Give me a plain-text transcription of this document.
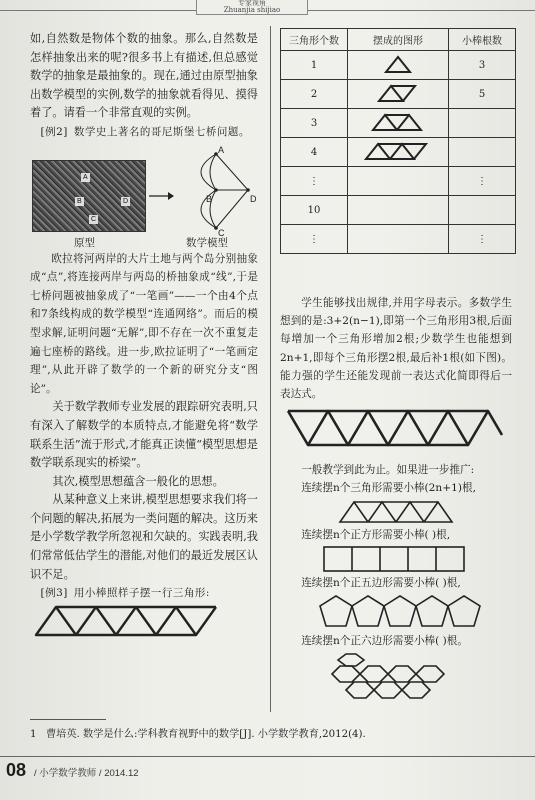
专家视角
Zhuanjia shijiao

如,自然数是物体个数的抽象。那么,自然数是怎样抽象出来的呢?很多书上有描述,但总感觉数学的抽象是最抽象的。现在,通过由原型抽象出数学模型的实例,数学的抽象就看得见、摸得着了。请看一个非常直观的实例。

[例2] 数学史上著名的哥尼斯堡七桥问题。

A
B
C
D
A
B
C
D
原型	数学模型

欧拉将河两岸的大片土地与两个岛分别抽象成“点”,将连接两岸与两岛的桥抽象成“线”,于是七桥问题被抽象成了“一笔画”——一个由4个点和7条线构成的数学模型“连通网络”。而后的模型求解,证明问题“无解”,即不存在一次不重复走遍七座桥的路线。进一步,欧拉证明了“一笔画定理”,从此开辟了数学的一个新的研究分支“图论”。

关于数学教师专业发展的跟踪研究表明,只有深入了解数学的本质特点,才能避免将“数学联系生活”流于形式,才能真正读懂“模型思想是数学联系现实的桥梁”。

其次,模型思想蕴含一般化的思想。

从某种意义上来讲,模型思想要求我们将一个问题的解决,拓展为一类问题的解决。这历来是小学数学教学所忽视和欠缺的。实践表明,我们常常低估学生的潜能,对他们的最近发展区认识不足。

[例3] 用小棒照样子摆一行三角形:

三角形个数	摆成的图形	小棒根数
1		3
2		5
3		
4		
⋮		⋮
10		
⋮		⋮

学生能够找出规律,并用字母表示。多数学生想到的是:3+2(n−1),即第一个三角形用3根,后面每增加一个三角形增加2根;少数学生也能想到2n+1,即每个三角形摆2根,最后补1根(如下图)。能力强的学生还能发现前一表达式化简即得后一表达式。

一般教学到此为止。如果进一步推广:

连续摆n个三角形需要小棒(2n+1)根,

连续摆n个正方形需要小棒( )根,

连续摆n个正五边形需要小棒( )根,

连续摆n个正六边形需要小棒( )根。

1 曹培英. 数学是什么:学科教育视野中的数学[J]. 小学数学教育,2012(4).
08 / 小学数学教师 / 2014.12
